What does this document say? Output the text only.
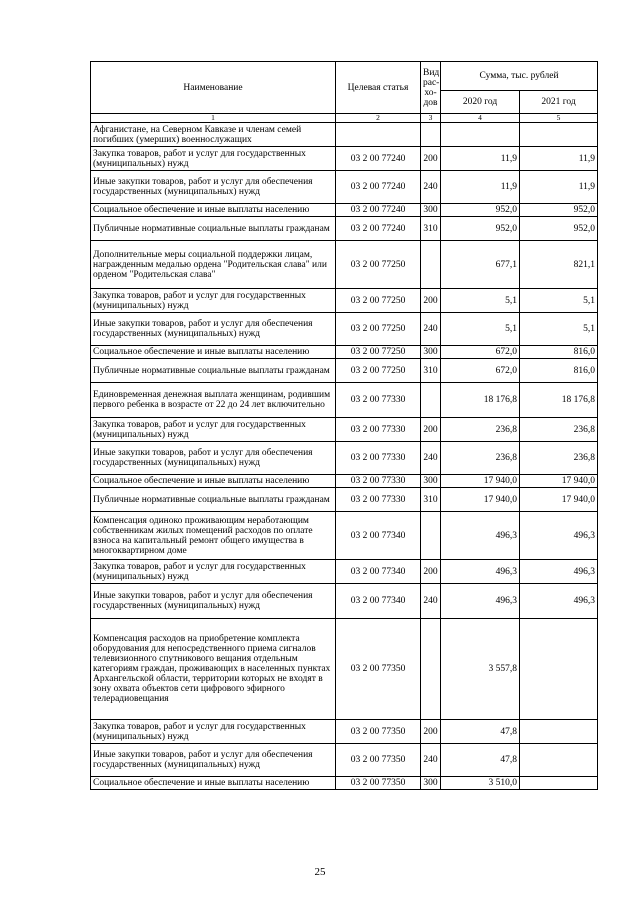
Наименование	Целевая статья	Вид рас-хо-дов	Сумма, тыс. рублей	
			2020 год	2021 год
1	2	3	4	5
Афганистане, на Северном Кавказе и членам семей погибших (умерших) военнослужащих				
Закупка товаров, работ и услуг для государственных (муниципальных) нужд	03 2 00 77240	200	11,9	11,9
Иные закупки товаров, работ и услуг для обеспечения государственных (муниципальных) нужд	03 2 00 77240	240	11,9	11,9
Социальное обеспечение и иные выплаты населению	03 2 00 77240	300	952,0	952,0
Публичные нормативные социальные выплаты гражданам	03 2 00 77240	310	952,0	952,0
Дополнительные меры социальной поддержки лицам, награжденным медалью ордена "Родительская слава" или орденом "Родительская слава"	03 2 00 77250		677,1	821,1
Закупка товаров, работ и услуг для государственных (муниципальных) нужд	03 2 00 77250	200	5,1	5,1
Иные закупки товаров, работ и услуг для обеспечения государственных (муниципальных) нужд	03 2 00 77250	240	5,1	5,1
Социальное обеспечение и иные выплаты населению	03 2 00 77250	300	672,0	816,0
Публичные нормативные социальные выплаты гражданам	03 2 00 77250	310	672,0	816,0
Единовременная денежная выплата женщинам, родившим первого ребенка в возрасте от 22 до 24 лет включительно	03 2 00 77330		18 176,8	18 176,8
Закупка товаров, работ и услуг для государственных (муниципальных) нужд	03 2 00 77330	200	236,8	236,8
Иные закупки товаров, работ и услуг для обеспечения государственных (муниципальных) нужд	03 2 00 77330	240	236,8	236,8
Социальное обеспечение и иные выплаты населению	03 2 00 77330	300	17 940,0	17 940,0
Публичные нормативные социальные выплаты гражданам	03 2 00 77330	310	17 940,0	17 940,0
Компенсация одиноко проживающим неработающим собственникам жилых помещений расходов по оплате взноса на капитальный ремонт общего имущества в многоквартирном доме	03 2 00 77340		496,3	496,3
Закупка товаров, работ и услуг для государственных (муниципальных) нужд	03 2 00 77340	200	496,3	496,3
Иные закупки товаров, работ и услуг для обеспечения государственных (муниципальных) нужд	03 2 00 77340	240	496,3	496,3
Компенсация расходов на приобретение комплекта оборудования для непосредственного приема сигналов телевизионного спутникового вещания отдельным категориям граждан, проживающих в населенных пунктах Архангельской области, территории которых не входят в зону охвата объектов сети цифрового эфирного телерадиовещания	03 2 00 77350		3 557,8	
Закупка товаров, работ и услуг для государственных (муниципальных) нужд	03 2 00 77350	200	47,8	
Иные закупки товаров, работ и услуг для обеспечения государственных (муниципальных) нужд	03 2 00 77350	240	47,8	
Социальное обеспечение и иные выплаты населению	03 2 00 77350	300	3 510,0	
25
